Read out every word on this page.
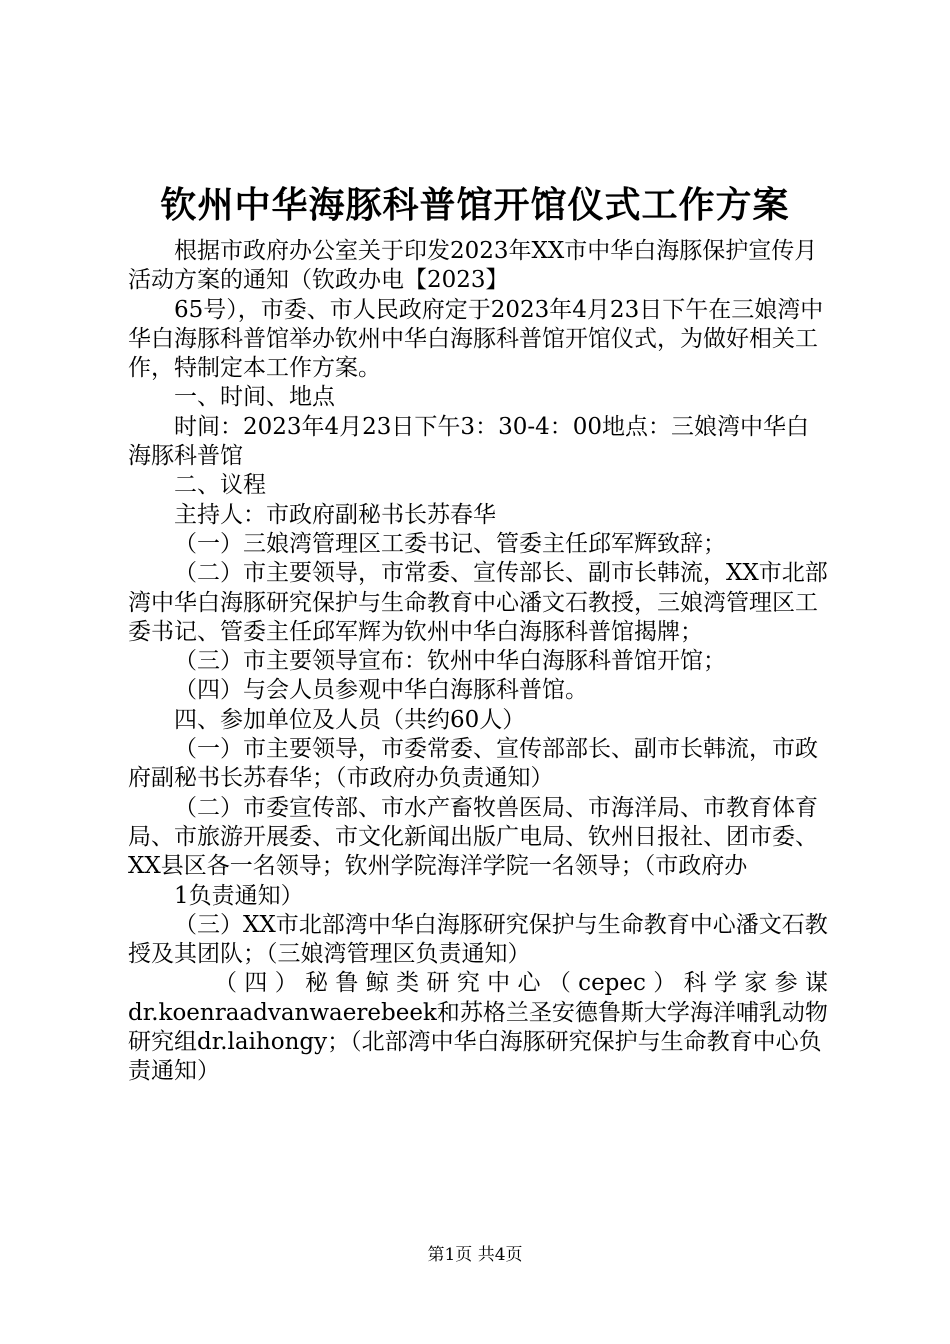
钦州中华海豚科普馆开馆仪式工作方案

根据市政府办公室关于印发2023年XX市中华白海豚保护宣传月活动方案的通知（钦政办电【2023】

65号），市委、市人民政府定于2023年4月23日下午在三娘湾中华白海豚科普馆举办钦州中华白海豚科普馆开馆仪式，为做好相关工作，特制定本工作方案。

一、时间、地点

时间：2023年4月23日下午3：30-4：00地点：三娘湾中华白海豚科普馆

二、议程

主持人：市政府副秘书长苏春华

（一）三娘湾管理区工委书记、管委主任邱军辉致辞；

（二）市主要领导，市常委、宣传部长、副市长韩流，XX市北部湾中华白海豚研究保护与生命教育中心潘文石教授，三娘湾管理区工委书记、管委主任邱军辉为钦州中华白海豚科普馆揭牌；

（三）市主要领导宣布：钦州中华白海豚科普馆开馆；

（四）与会人员参观中华白海豚科普馆。

四、参加单位及人员（共约60人）

（一）市主要领导，市委常委、宣传部部长、副市长韩流，市政府副秘书长苏春华；（市政府办负责通知）

（二）市委宣传部、市水产畜牧兽医局、市海洋局、市教育体育局、市旅游开展委、市文化新闻出版广电局、钦州日报社、团市委、XX县区各一名领导；钦州学院海洋学院一名领导；（市政府办

1负责通知）

（三）XX市北部湾中华白海豚研究保护与生命教育中心潘文石教授及其团队；（三娘湾管理区负责通知）

（四）秘鲁鲸类研究中心（cepec）科学家参谋

dr.koenraadvanwaerebeek和苏格兰圣安德鲁斯大学海洋哺乳动物研究组dr.laihongy；（北部湾中华白海豚研究保护与生命教育中心负责通知）

第1页 共4页
